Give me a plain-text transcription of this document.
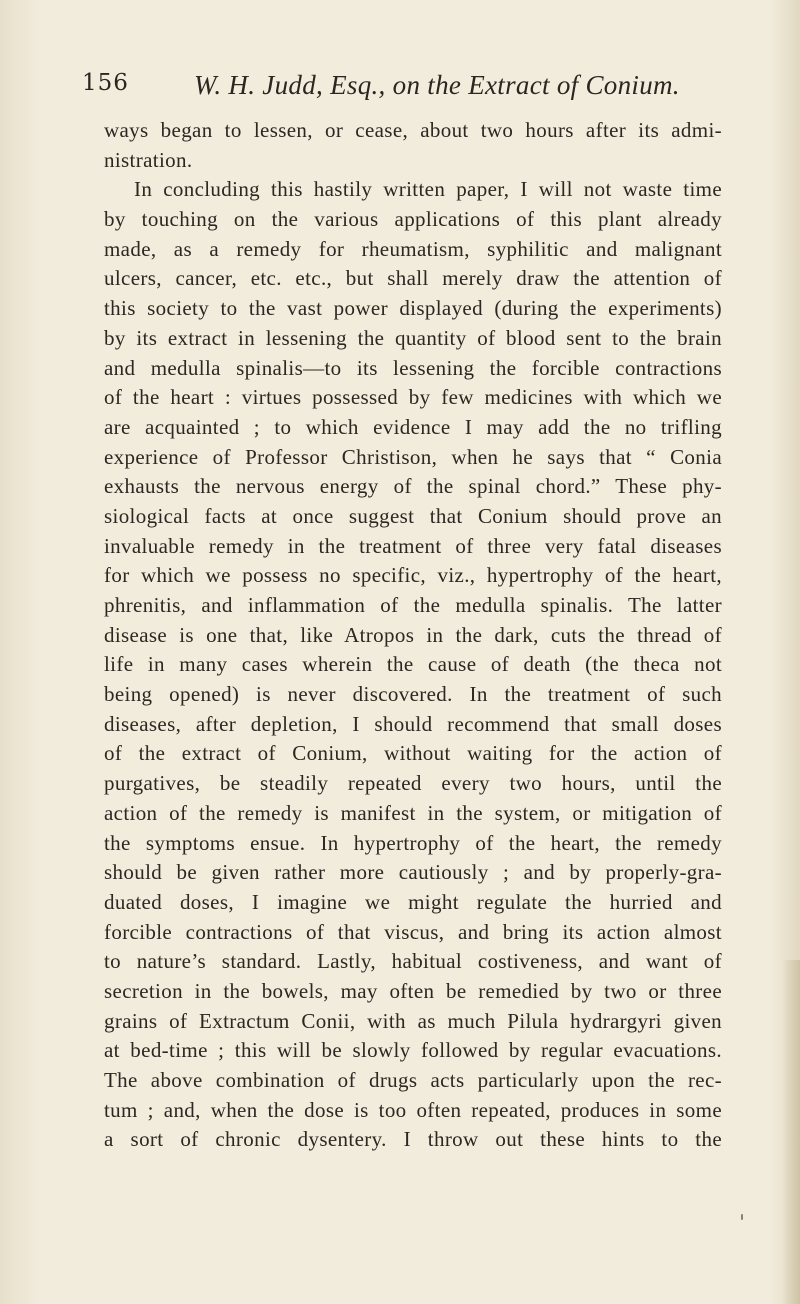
156 W. H. Judd, Esq., on the Extract of Conium.
ways began to lessen, or cease, about two hours after its admi-
nistration.
In concluding this hastily written paper, I will not waste time
by touching on the various applications of this plant already
made, as a remedy for rheumatism, syphilitic and malignant
ulcers, cancer, etc. etc., but shall merely draw the attention of
this society to the vast power displayed (during the experiments)
by its extract in lessening the quantity of blood sent to the brain
and medulla spinalis—to its lessening the forcible contractions
of the heart : virtues possessed by few medicines with which we
are acquainted ; to which evidence I may add the no trifling
experience of Professor Christison, when he says that “ Conia
exhausts the nervous energy of the spinal chord.” These phy-
siological facts at once suggest that Conium should prove an
invaluable remedy in the treatment of three very fatal diseases
for which we possess no specific, viz., hypertrophy of the heart,
phrenitis, and inflammation of the medulla spinalis. The latter
disease is one that, like Atropos in the dark, cuts the thread of
life in many cases wherein the cause of death (the theca not
being opened) is never discovered. In the treatment of such
diseases, after depletion, I should recommend that small doses
of the extract of Conium, without waiting for the action of
purgatives, be steadily repeated every two hours, until the
action of the remedy is manifest in the system, or mitigation of
the symptoms ensue. In hypertrophy of the heart, the remedy
should be given rather more cautiously ; and by properly-gra-
duated doses, I imagine we might regulate the hurried and
forcible contractions of that viscus, and bring its action almost
to nature’s standard. Lastly, habitual costiveness, and want of
secretion in the bowels, may often be remedied by two or three
grains of Extractum Conii, with as much Pilula hydrargyri given
at bed-time ; this will be slowly followed by regular evacuations.
The above combination of drugs acts particularly upon the rec-
tum ; and, when the dose is too often repeated, produces in some
a sort of chronic dysentery. I throw out these hints to the
